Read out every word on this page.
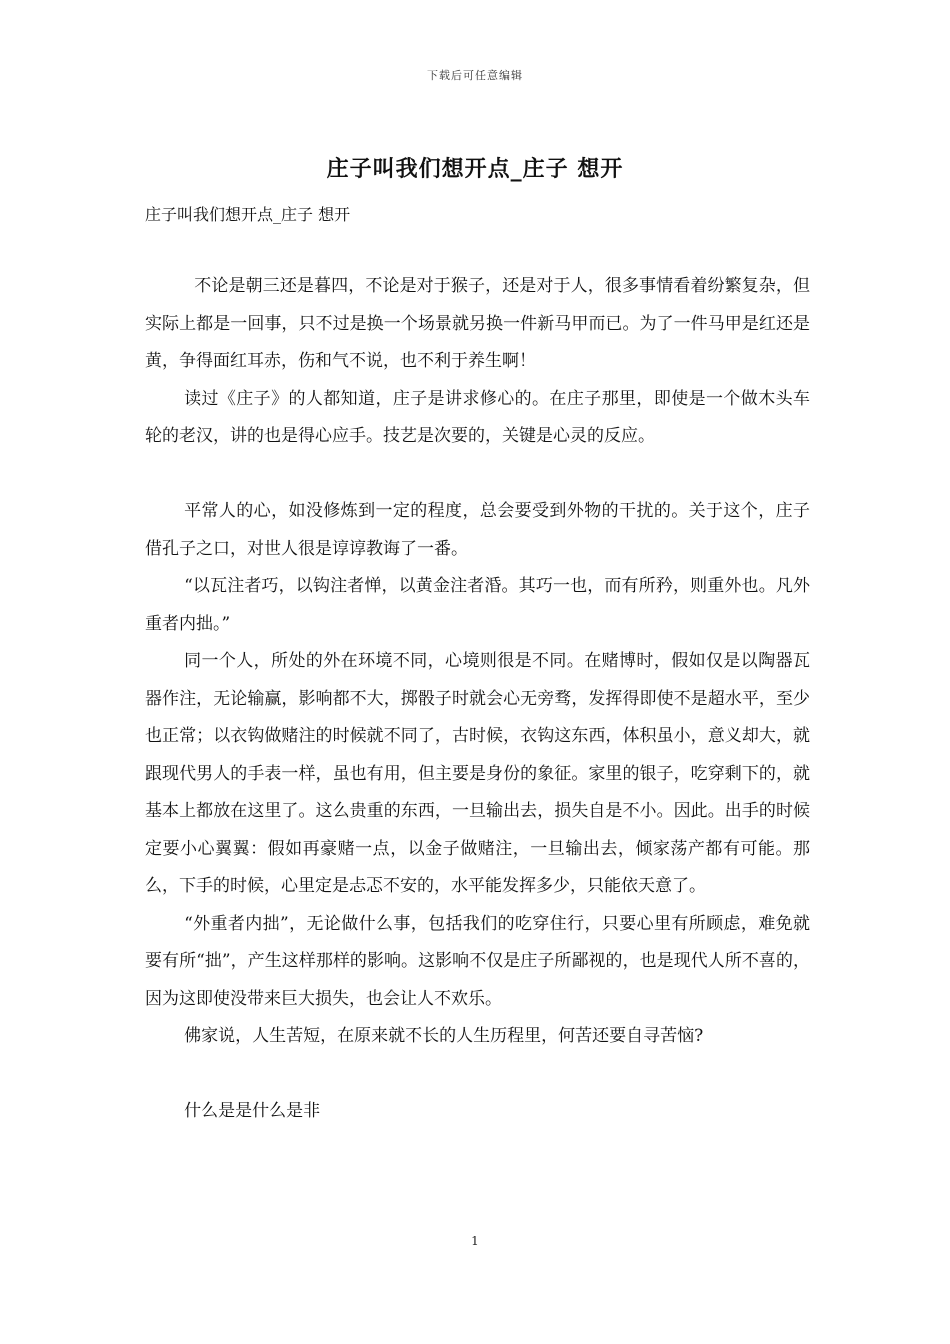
下载后可任意编辑
庄子叫我们想开点_庄子 想开
庄子叫我们想开点_庄子 想开

不论是朝三还是暮四，不论是对于猴子，还是对于人，很多事情看着纷繁复杂，但实际上都是一回事，只不过是换一个场景就另换一件新马甲而已。为了一件马甲是红还是黄，争得面红耳赤，伤和气不说，也不利于养生啊！

读过《庄子》的人都知道，庄子是讲求修心的。在庄子那里，即使是一个做木头车轮的老汉，讲的也是得心应手。技艺是次要的，关键是心灵的反应。

平常人的心，如没修炼到一定的程度，总会要受到外物的干扰的。关于这个，庄子借孔子之口，对世人很是谆谆教诲了一番。

“以瓦注者巧，以钩注者惮，以黄金注者涽。其巧一也，而有所矜，则重外也。凡外重者内拙。”

同一个人，所处的外在环境不同，心境则很是不同。在赌博时，假如仅是以陶器瓦器作注，无论输赢，影响都不大，掷骰子时就会心无旁骛，发挥得即使不是超水平，至少也正常；以衣钩做赌注的时候就不同了，古时候，衣钩这东西，体积虽小，意义却大，就跟现代男人的手表一样，虽也有用，但主要是身份的象征。家里的银子，吃穿剩下的，就基本上都放在这里了。这么贵重的东西，一旦输出去，损失自是不小。因此。出手的时候定要小心翼翼：假如再豪赌一点，以金子做赌注，一旦输出去，倾家荡产都有可能。那么，下手的时候，心里定是忐忑不安的，水平能发挥多少，只能依天意了。

“外重者内拙”，无论做什么事，包括我们的吃穿住行，只要心里有所顾虑，难免就要有所“拙”，产生这样那样的影响。这影响不仅是庄子所鄙视的，也是现代人所不喜的，因为这即使没带来巨大损失，也会让人不欢乐。

佛家说，人生苦短，在原来就不长的人生历程里，何苦还要自寻苦恼?

什么是是什么是非

1
